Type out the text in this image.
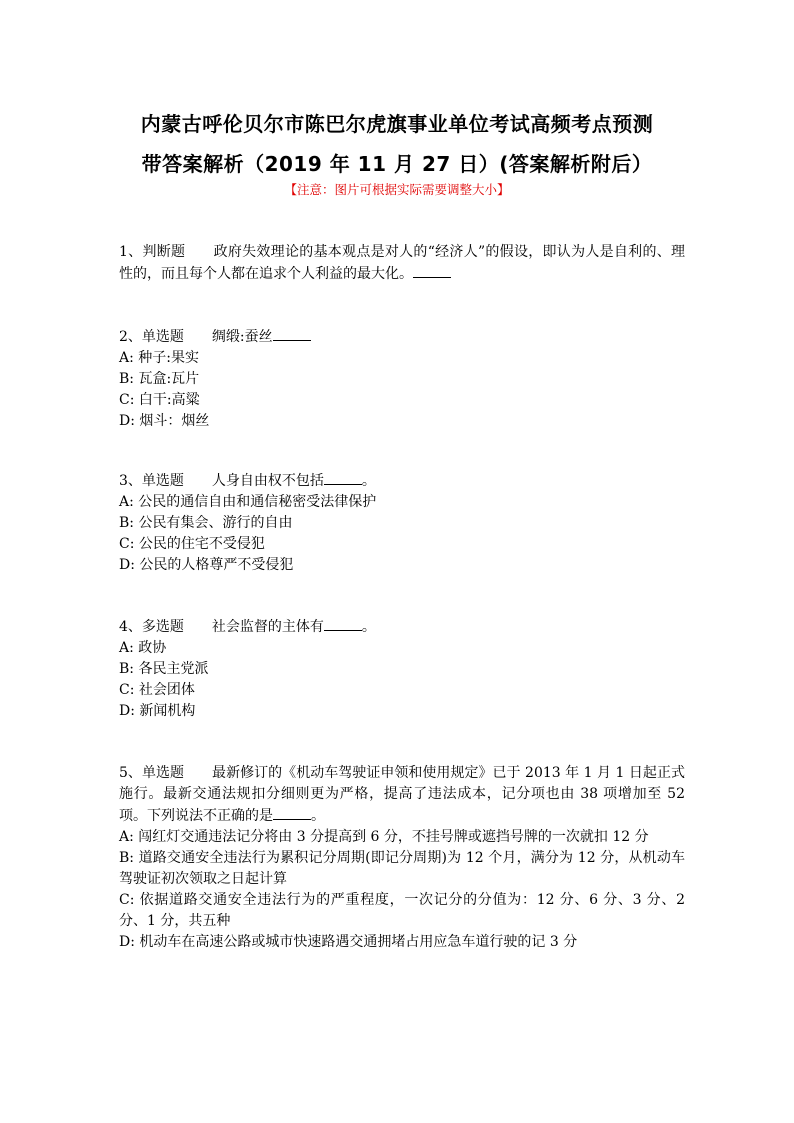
内蒙古呼伦贝尔市陈巴尔虎旗事业单位考试高频考点预测
带答案解析（2019 年 11 月 27 日）(答案解析附后）
【注意：图片可根据实际需要调整大小】
1、判断题 政府失效理论的基本观点是对人的“经济人”的假设，即认为人是自利的、理性的，而且每个人都在追求个人利益的最大化。
2、单选题 绸缎:蚕丝
A: 种子:果实
B: 瓦盒:瓦片
C: 白干:高粱
D: 烟斗：烟丝
3、单选题 人身自由权不包括	。
A: 公民的通信自由和通信秘密受法律保护
B: 公民有集会、游行的自由
C: 公民的住宅不受侵犯
D: 公民的人格尊严不受侵犯
4、多选题 社会监督的主体有	。
A: 政协
B: 各民主党派
C: 社会团体
D: 新闻机构
5、单选题 最新修订的《机动车驾驶证申领和使用规定》已于 2013 年 1 月 1 日起正式施行。最新交通法规扣分细则更为严格，提高了违法成本，记分项也由 38 项增加至 52 项。下列说法不正确的是	。
A: 闯红灯交通违法记分将由 3 分提高到 6 分，不挂号牌或遮挡号牌的一次就扣 12 分
B: 道路交通安全违法行为累积记分周期(即记分周期)为 12 个月，满分为 12 分，从机动车驾驶证初次领取之日起计算
C: 依据道路交通安全违法行为的严重程度，一次记分的分值为：12 分、6 分、3 分、2 分、1 分，共五种
D: 机动车在高速公路或城市快速路遇交通拥堵占用应急车道行驶的记 3 分
